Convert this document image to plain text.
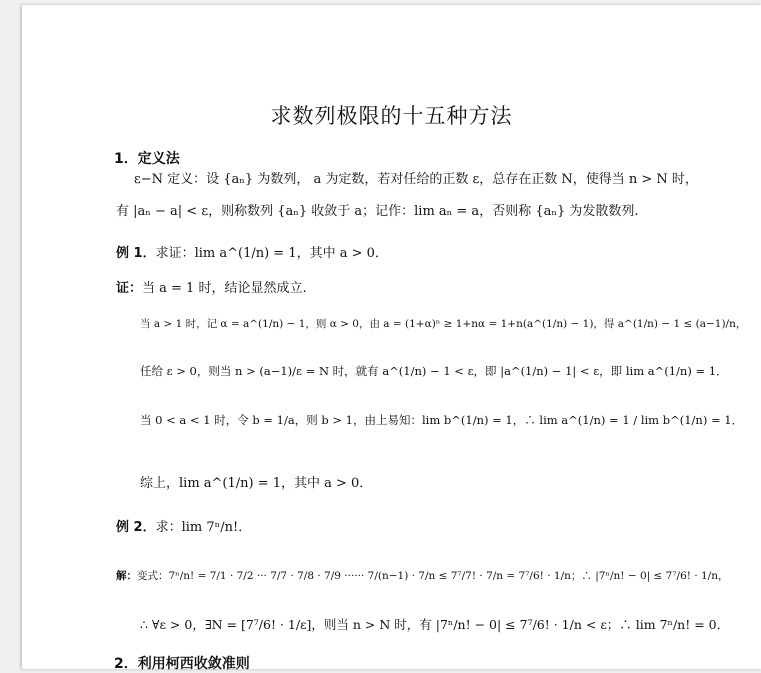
求数列极限的十五种方法
1．定义法
ε−N 定义：设 {aₙ} 为数列， a 为定数，若对任给的正数 ε，总存在正数 N，使得当 n > N 时，
有 |aₙ − a| < ε，则称数列 {aₙ} 收敛于 a；记作：lim aₙ = a，否则称 {aₙ} 为发散数列.
例 1．求证：lim a^(1/n) = 1，其中 a > 0．
证：当 a = 1 时，结论显然成立.
当 a > 1 时，记 α = a^(1/n) − 1，则 α > 0，由 a = (1+α)ⁿ ≥ 1+nα = 1+n(a^(1/n) − 1)，得 a^(1/n) − 1 ≤ (a−1)/n，
任给 ε > 0，则当 n > (a−1)/ε = N 时，就有 a^(1/n) − 1 < ε，即 |a^(1/n) − 1| < ε，即 lim a^(1/n) = 1．
当 0 < a < 1 时，令 b = 1/a，则 b > 1，由上易知：lim b^(1/n) = 1，∴ lim a^(1/n) = 1 / lim b^(1/n) = 1．
综上，lim a^(1/n) = 1，其中 a > 0．
例 2．求：lim 7ⁿ/n!．
解：变式：7ⁿ/n! = 7/1 · 7/2 ··· 7/7 · 7/8 · 7/9 ······ 7/(n−1) · 7/n ≤ 7⁷/7! · 7/n = 7⁷/6! · 1/n；∴ |7ⁿ/n! − 0| ≤ 7⁷/6! · 1/n，
∴ ∀ε > 0，∃N = [7⁷/6! · 1/ε]，则当 n > N 时，有 |7ⁿ/n! − 0| ≤ 7⁷/6! · 1/n < ε；∴ lim 7ⁿ/n! = 0．
2．利用柯西收敛准则
